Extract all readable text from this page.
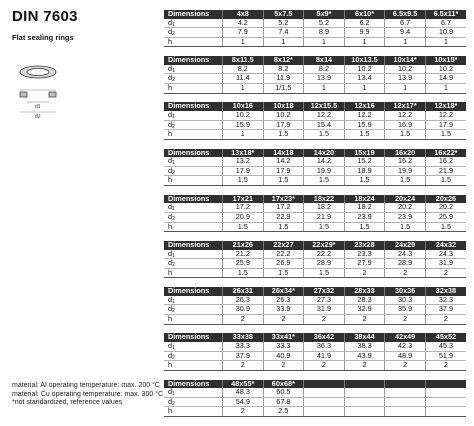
DIN 7603
Flat sealing rings
d1
d2
material: Al operating temperature: max. 200 °C
material: Cu operating temperature: max. 300 °C
*not standardized, reference values
Dimensions	4x8	5x7.5	5x9*	6x10*	6.5x9.5	6.5x11*
$d_1$	4.2	5.2	5.2	6.2	6.7	6.7
$d_2$	7.9	7.4	8.9	9.9	9.4	10.9
h	1	1	1	1	1	1
Dimensions	8x11.5	8x12*	8x14	10x13.5	10x14*	10x15*
$d_1$	8.2	8.2	8.2	10.2	10.2	10.2
$d_2$	11.4	11.9	13.9	13.4	13.9	14.9
h	1	1/1.5	1	1	1	1
Dimensions	10x16	10x18	12x15.5	12x16	12x17*	12x18*
$d_1$	10.2	10.2	12.2	12.2	12.2	12.2
$d_2$	15.9	17.9	15.4	15.9	16.9	17.9
h	1	1.5	1.5	1.5	1.5	1.5
Dimensions	13x18*	14x18	14x20	15x19	16x20	16x22*
$d_1$	13.2	14.2	14.2	15.2	16.2	16.2
$d_2$	17.9	17.9	19.9	18.9	19.9	21.9
h	1.5	1.5	1.5	1.5	1.5	1.5
Dimensions	17x21	17x23*	18x22	18x24	20x24	20x26
$d_1$	17.2	17.2	18.2	18.2	20.2	20.2
$d_2$	20.9	22.9	21.9	23.9	23.9	25.9
h	1.5	1.5	1.5	1.5	1.5	1.5
Dimensions	21x26	22x27	22x29*	23x28	24x29	24x32
$d_1$	21.2	22.2	22.2	23.3	24.3	24.3
$d_2$	25.9	26.9	28.9	27.9	28.9	31.9
h	1.5	1.5	1.5	2	2	2
Dimensions	26x31	26x34*	27x32	28x33	30x36	32x38
$d_1$	26.3	26.3	27.3	28.3	30.3	32.3
$d_2$	30.9	33.9	31.9	32.9	35.9	37.9
h	2	2	2	2	2	2
Dimensions	33x38	33x41*	36x42	38x44	42x49	45x52
$d_1$	33.3	33.3	36.3	38.3	42.3	45.3
$d_2$	37.9	40.9	41.9	43.9	48.9	51.9
h	2	2	2	2	2	2
Dimensions	48x55*	60x68*				
$d_1$	48.3	60.5				
$d_2$	54.9	67.8				
h	2	2.5				
